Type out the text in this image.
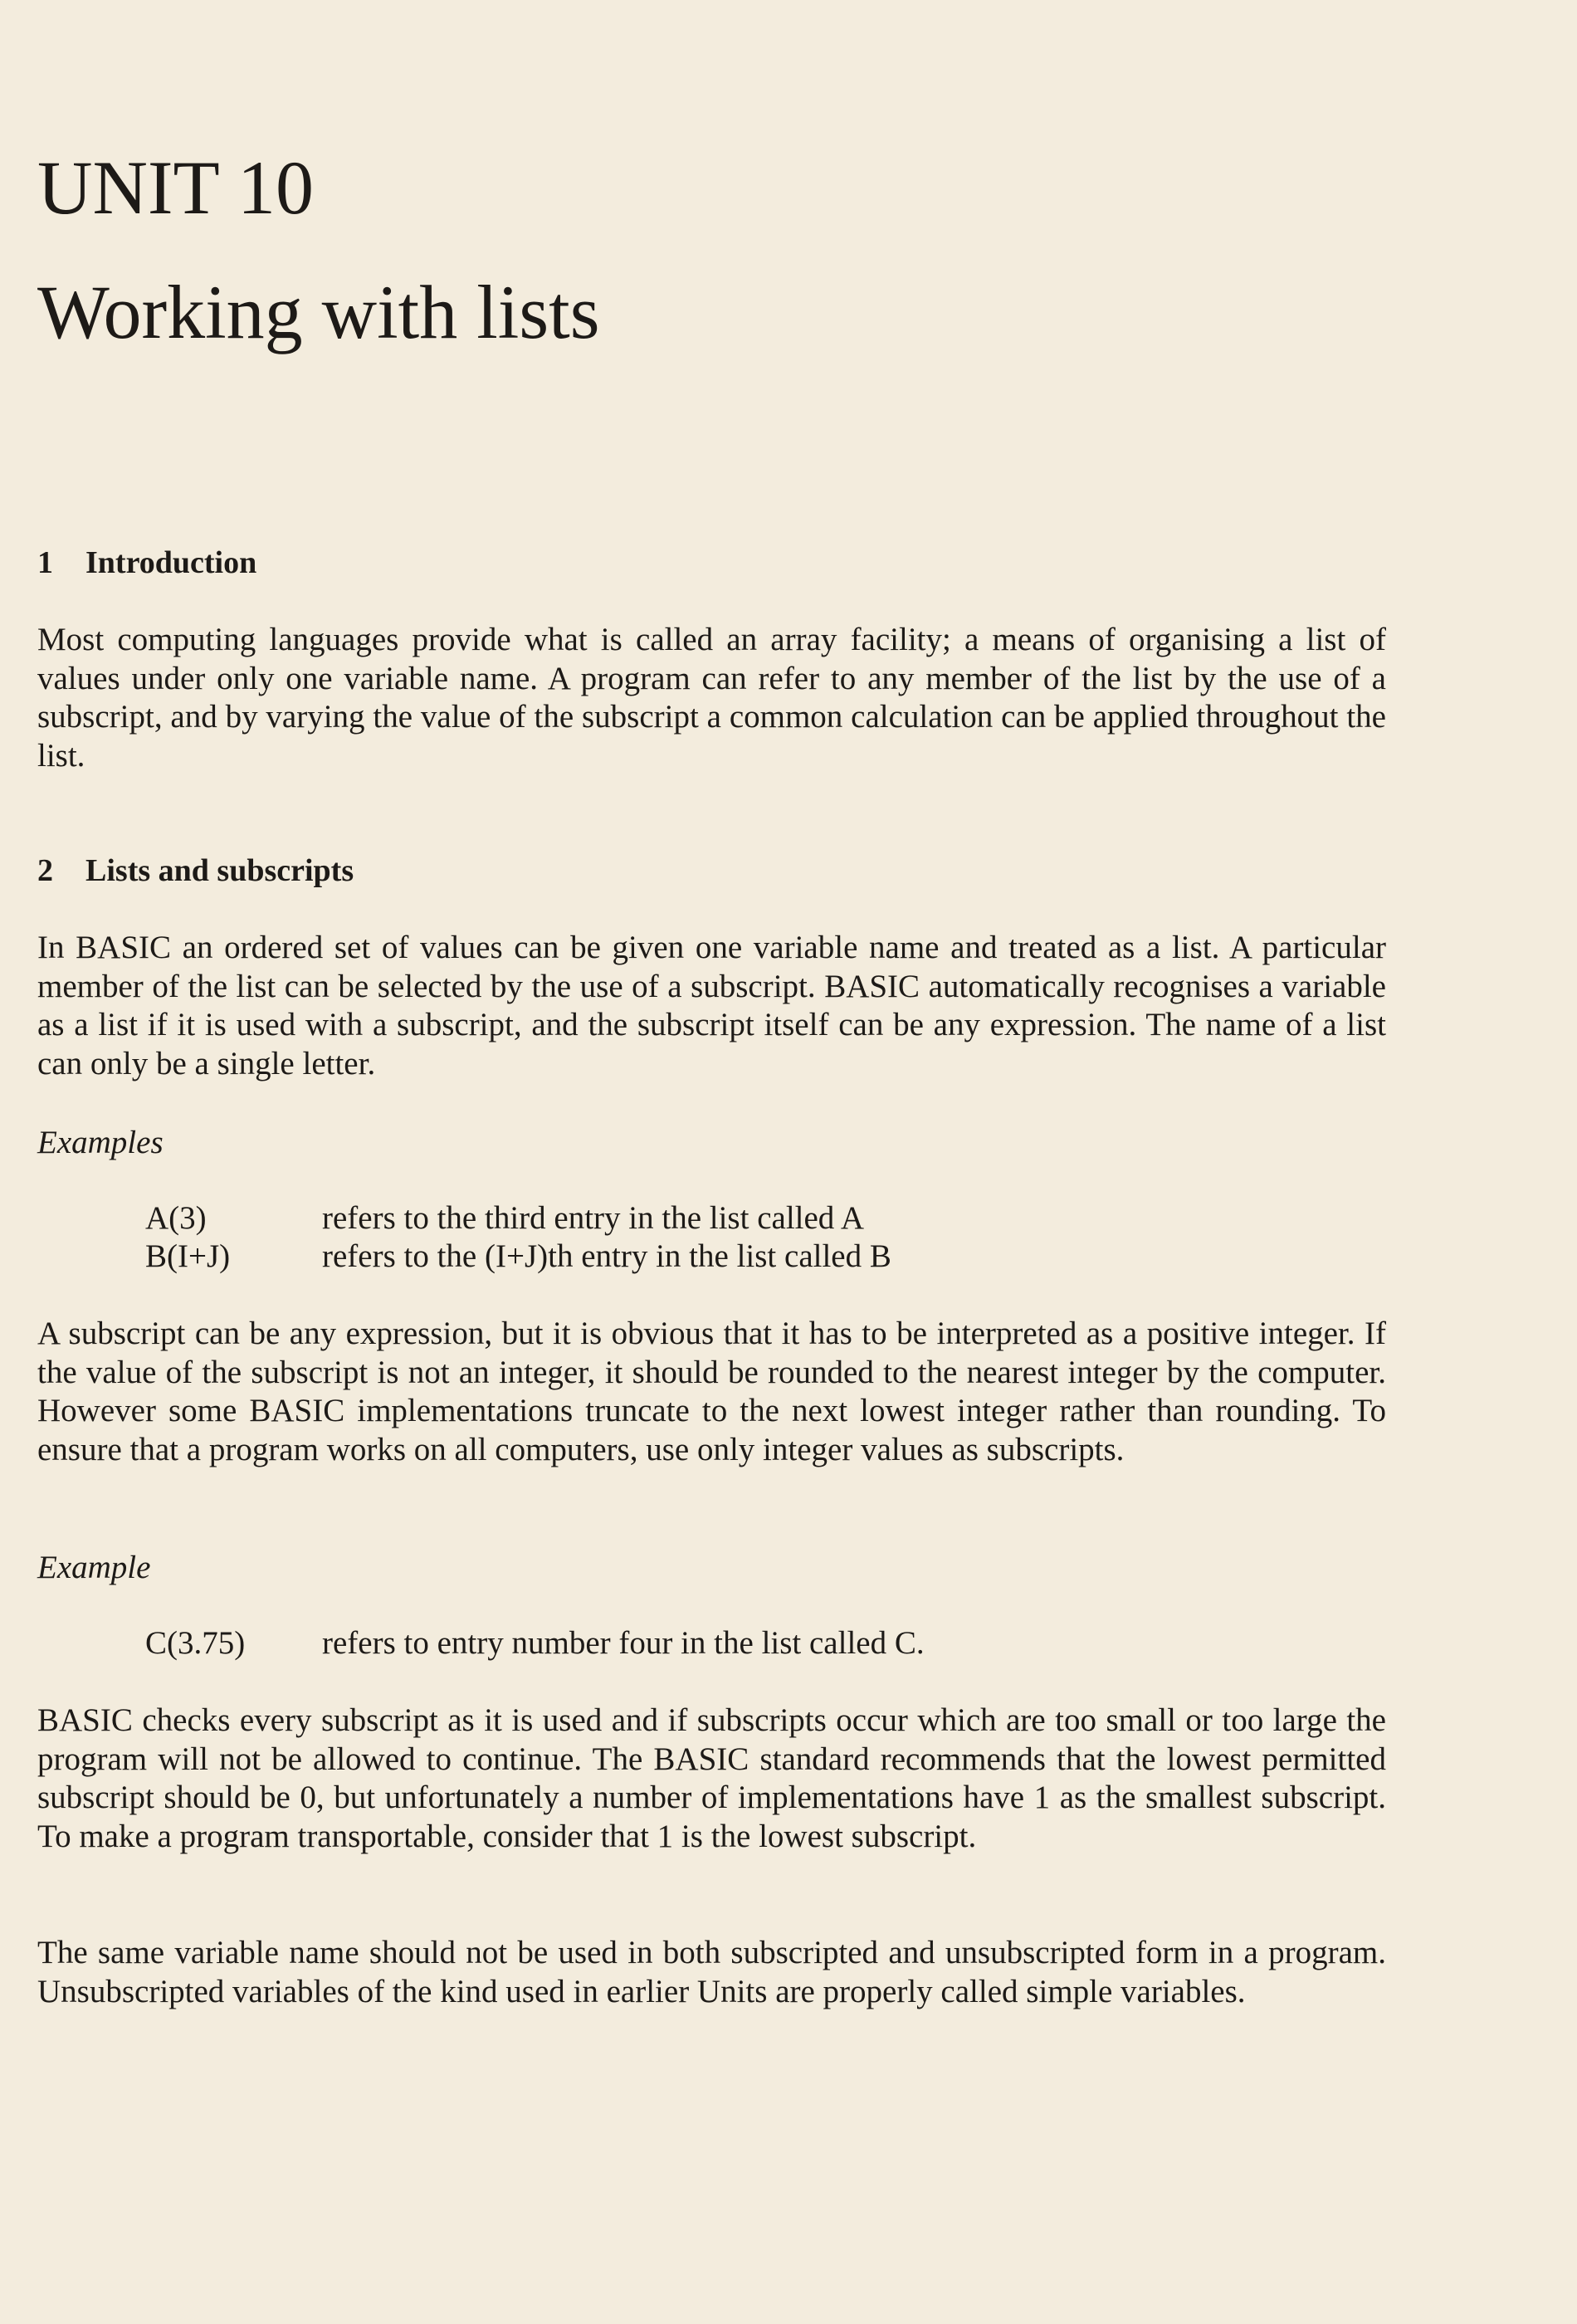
UNIT 10
Working with lists
1 Introduction

Most computing languages provide what is called an array facility; a means of organising a list of values under only one variable name. A program can refer to any member of the list by the use of a subscript, and by varying the value of the subscript a common calculation can be applied throughout the list.

2 Lists and subscripts

In BASIC an ordered set of values can be given one variable name and treated as a list. A particular member of the list can be selected by the use of a subscript. BASIC automatically recognises a variable as a list if it is used with a subscript, and the subscript itself can be any expression. The name of a list can only be a single letter.

Examples
A(3)	refers to the third entry in the list called A
B(I+J)	refers to the (I+J)th entry in the list called B

A subscript can be any expression, but it is obvious that it has to be interpreted as a positive integer. If the value of the subscript is not an integer, it should be rounded to the nearest integer by the computer. However some BASIC implementations truncate to the next lowest integer rather than rounding. To ensure that a program works on all computers, use only integer values as subscripts.

Example
C(3.75) refers to entry number four in the list called C.

BASIC checks every subscript as it is used and if subscripts occur which are too small or too large the program will not be allowed to continue. The BASIC standard recommends that the lowest permitted subscript should be 0, but unfortunately a number of implementations have 1 as the smallest subscript. To make a program transportable, consider that 1 is the lowest subscript.

The same variable name should not be used in both subscripted and unsubscripted form in a program. Unsubscripted variables of the kind used in earlier Units are properly called simple variables.
